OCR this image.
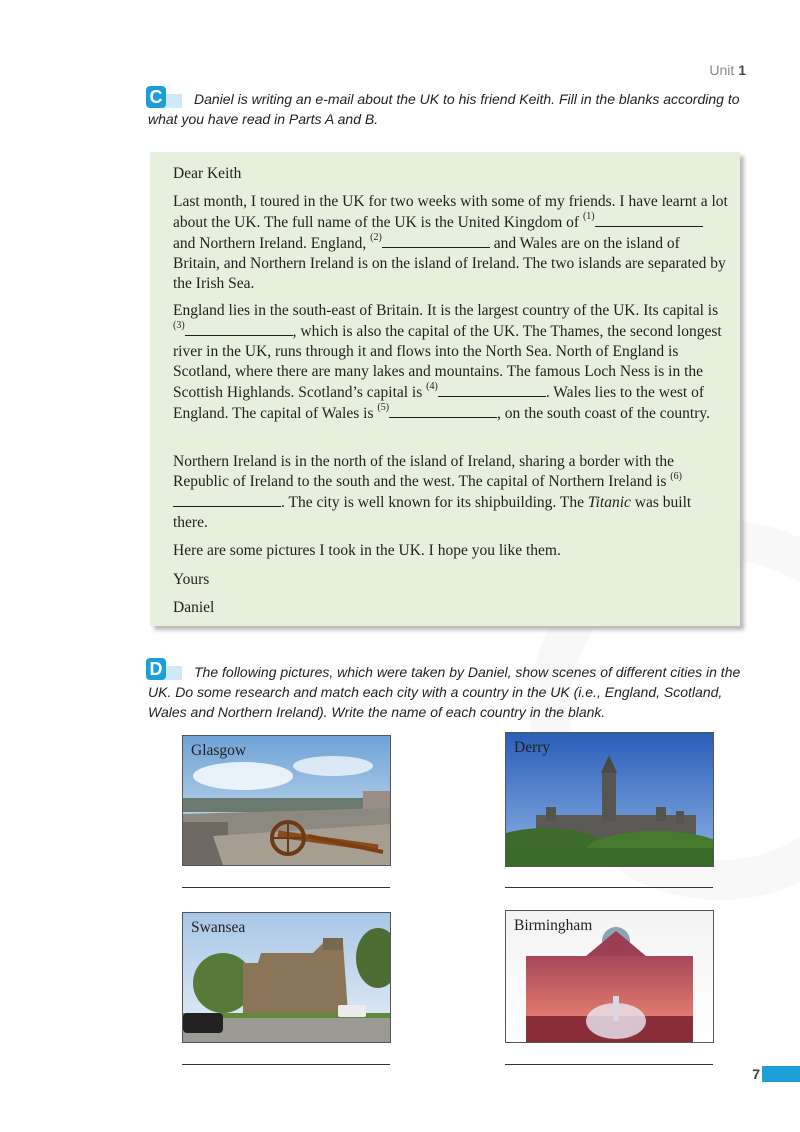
Unit 1
C	Daniel is writing an e-mail about the UK to his friend Keith. Fill in the blanks according to what you have read in Parts A and B.

Dear Keith

Last month, I toured in the UK for two weeks with some of my friends. I have learnt a lot about the UK. The full name of the UK is the United Kingdom of $^{(1)}$ and Northern Ireland. England, $^{(2)}$	and Wales are on the island of Britain, and Northern Ireland is on the island of Ireland. The two islands are separated by the Irish Sea.

England lies in the south-east of Britain. It is the largest country of the UK. Its capital is $^{(3)}$	, which is also the capital of the UK. The Thames, the second longest river in the UK, runs through it and flows into the North Sea. North of England is Scotland, where there are many lakes and mountains. The famous Loch Ness is in the Scottish Highlands. Scotland’s capital is $^{(4)}$	. Wales lies to the west of England. The capital of Wales is $^{(5)}$	, on the south coast of the country.

Northern Ireland is in the north of the island of Ireland, sharing a border with the Republic of Ireland to the south and the west. The capital of Northern Ireland is $^{(6)}$. The city is well known for its shipbuilding. The Titanic was built there.

Here are some pictures I took in the UK. I hope you like them.

Yours

Daniel

D	The following pictures, which were taken by Daniel, show scenes of different cities in the UK. Do some research and match each city with a country in the UK (i.e., England, Scotland, Wales and Northern Ireland). Write the name of each country in the blank.
Glasgow	Derry
Swansea	Birmingham
7
